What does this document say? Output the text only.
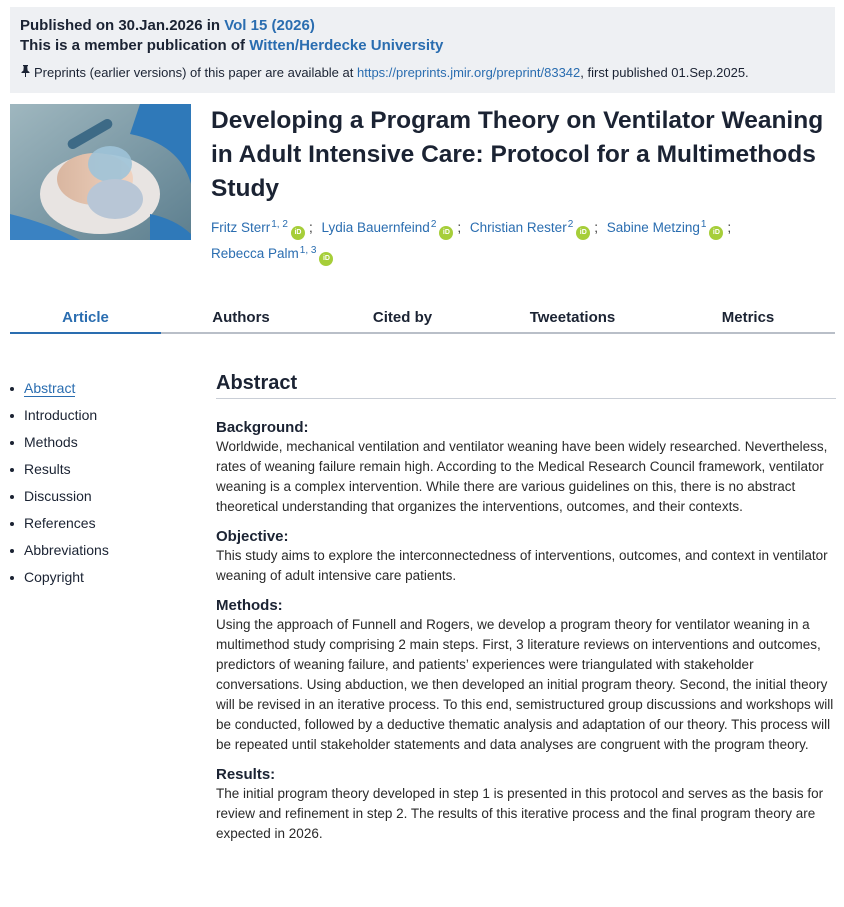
Published on 30.Jan.2026 in Vol 15 (2026)
This is a member publication of Witten/Herdecke University
Preprints (earlier versions) of this paper are available at https://preprints.jmir.org/preprint/83342, first published 01.Sep.2025.
Developing a Program Theory on Ventilator Weaning in Adult Intensive Care: Protocol for a Multimethods Study
Fritz Sterr$^{1, 2}$iD ; Lydia Bauernfeind$^2$iD ; Christian Rester$^2$iD ; Sabine Metzing$^1$iD ;
Rebecca Palm$^{1, 3}$iD
Article	Authors	Cited by	Tweetations	Metrics
Abstract
Introduction
Methods
Results
Discussion
References
Abbreviations
Copyright
Abstract
Background:

Worldwide, mechanical ventilation and ventilator weaning have been widely researched. Nevertheless, rates of weaning failure remain high. According to the Medical Research Council framework, ventilator weaning is a complex intervention. While there are various guidelines on this, there is no abstract theoretical understanding that organizes the interventions, outcomes, and their contexts.

Objective:

This study aims to explore the interconnectedness of interventions, outcomes, and context in ventilator weaning of adult intensive care patients.

Methods:

Using the approach of Funnell and Rogers, we develop a program theory for ventilator weaning in a multimethod study comprising 2 main steps. First, 3 literature reviews on interventions and outcomes, predictors of weaning failure, and patients’ experiences were triangulated with stakeholder conversations. Using abduction, we then developed an initial program theory. Second, the initial theory will be revised in an iterative process. To this end, semistructured group discussions and workshops will be conducted, followed by a deductive thematic analysis and adaptation of our theory. This process will be repeated until stakeholder statements and data analyses are congruent with the program theory.

Results:

The initial program theory developed in step 1 is presented in this protocol and serves as the basis for review and refinement in step 2. The results of this iterative process and the final program theory are expected in 2026.
